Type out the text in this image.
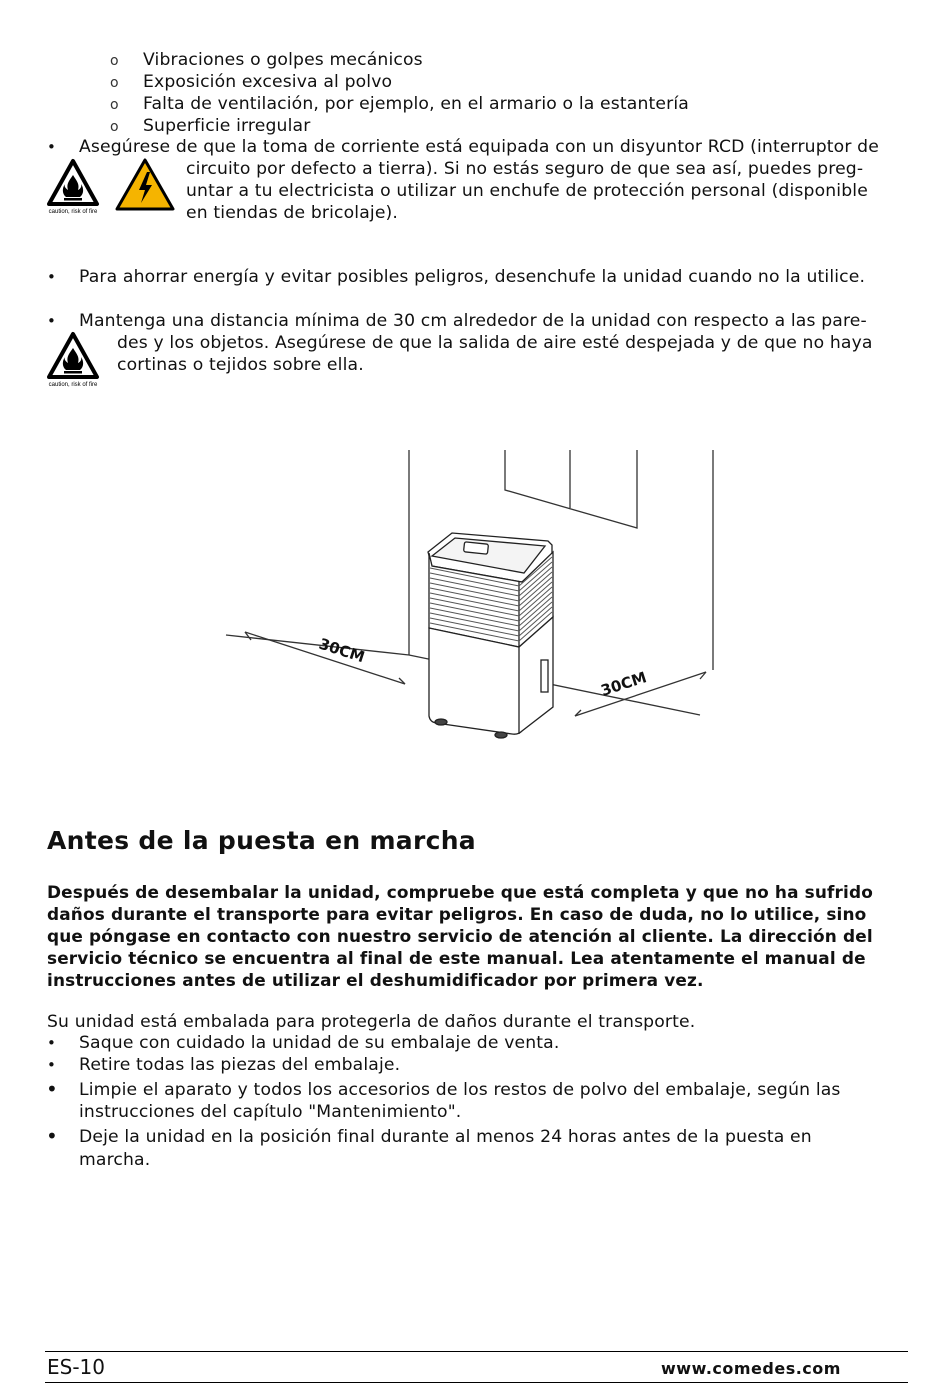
o Vibraciones o golpes mecánicos
o Exposición excesiva al polvo
o Falta de ventilación, por ejemplo, en el armario o la estantería
o Superficie irregular
• Asegúrese de que la toma de corriente está equipada con un disyuntor RCD (interruptor de
circuito por defecto a tierra). Si no estás seguro de que sea así, puedes preg-
untar a tu electricista o utilizar un enchufe de protección personal (disponible
en tiendas de bricolaje).
caution, risk of fire
• Para ahorrar energía y evitar posibles peligros, desenchufe la unidad cuando no la utilice.
• Mantenga una distancia mínima de 30 cm alrededor de la unidad con respecto a las pare-
des y los objetos. Asegúrese de que la salida de aire esté despejada y de que no haya
cortinas o tejidos sobre ella.
caution, risk of fire
30CM
30CM
Antes de la puesta en marcha
Después de desembalar la unidad, compruebe que está completa y que no ha sufrido
daños durante el transporte para evitar peligros. En caso de duda, no lo utilice, sino
que póngase en contacto con nuestro servicio de atención al cliente. La dirección del
servicio técnico se encuentra al final de este manual. Lea atentamente el manual de
instrucciones antes de utilizar el deshumidificador por primera vez.
Su unidad está embalada para protegerla de daños durante el transporte.
• Saque con cuidado la unidad de su embalaje de venta.
• Retire todas las piezas del embalaje.
• Limpie el aparato y todos los accesorios de los restos de polvo del embalaje, según las
instrucciones del capítulo "Mantenimiento".
• Deje la unidad en la posición final durante al menos 24 horas antes de la puesta en
marcha.
ES-10	www.comedes.com
